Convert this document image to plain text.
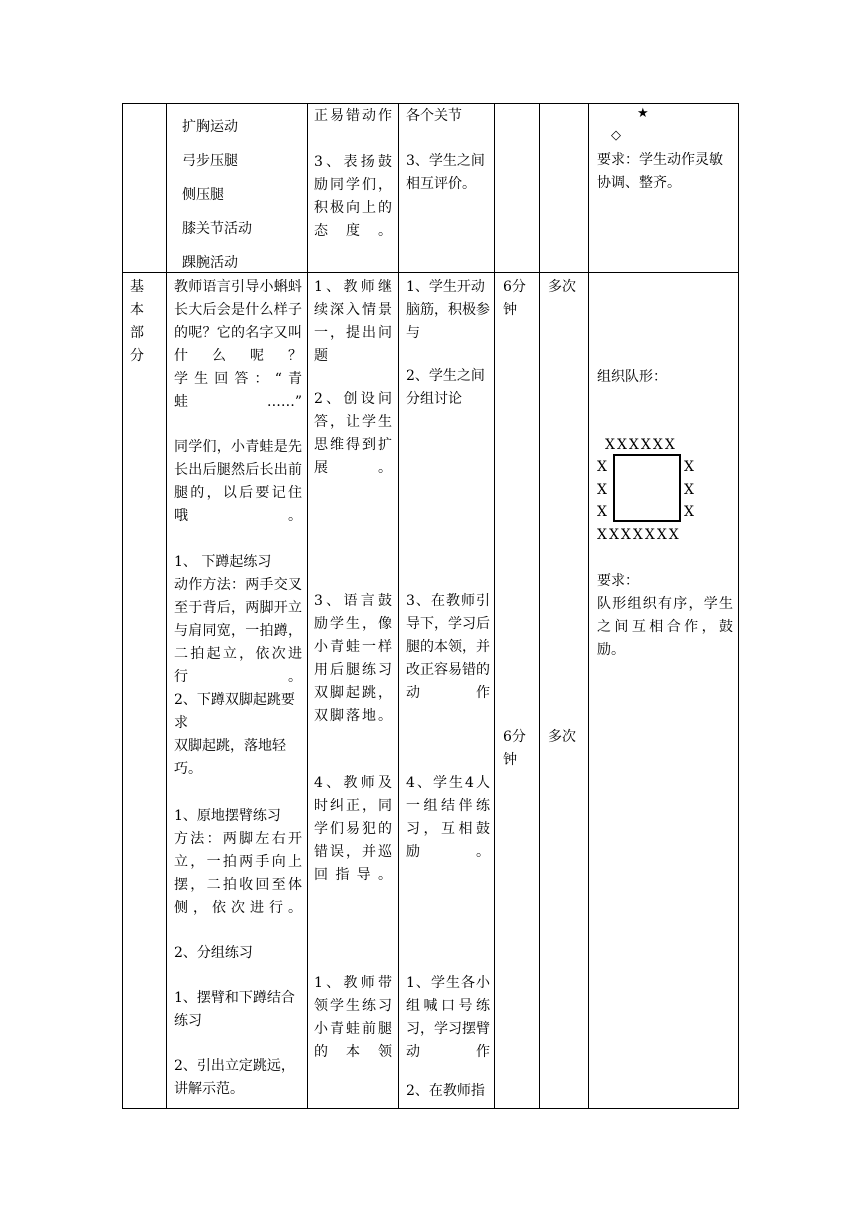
扩胸运动

弓步压腿

侧压腿

膝关节活动

踝腕活动

正易错动作

3、表扬鼓励同学们，积极向上的态度。

各个关节

3、学生之间相互评价。

★
◇
要求：学生动作灵敏协调、整齐。
基本部分

教师语言引导小蝌蚪长大后会是什么样子的呢？它的名字又叫什么呢？

学生回答：“青蛙……”

同学们，小青蛙是先长出后腿然后长出前腿的，以后要记住哦。

1、 下蹲起练习

动作方法：两手交叉至于背后，两脚开立与肩同宽，一拍蹲，二拍起立，依次进行。

2、下蹲双脚起跳要求

双脚起跳，落地轻巧。

1、原地摆臂练习

方法：两脚左右开立，一拍两手向上摆，二拍收回至体侧，依次进行。

2、分组练习

1、摆臂和下蹲结合练习

2、引出立定跳远，讲解示范。

1、教师继续深入情景一，提出问题

2、创设问答，让学生思维得到扩展。

3、语言鼓励学生，像小青蛙一样用后腿练习双脚起跳，双脚落地。

4、教师及时纠正，同学们易犯的错误，并巡回指导。

1、教师带领学生练习小青蛙前腿的本领

1、学生开动脑筋，积极参与

2、学生之间分组讨论

3、在教师引导下，学习后腿的本领，并改正容易错的动作

4、学生4人一组结伴练习，互相鼓励。

1、学生各小组喊口号练习，学习摆臂动作

2、在教师指

6分钟
多次
6分钟
多次
组织队形：
XXXXXX
X
X
X
X
X
X
XXXXXXX
要求：
队形组织有序，学生之间互相合作，鼓励。
